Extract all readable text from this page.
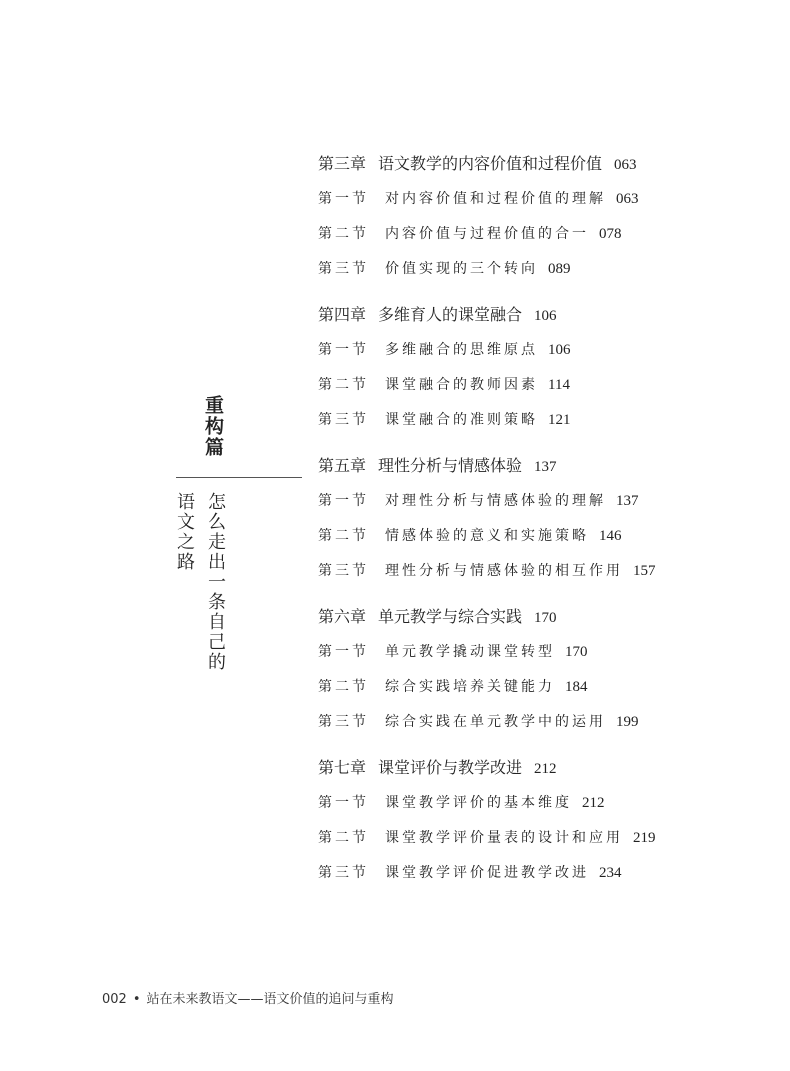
重构篇
怎么走出一条自己的
语文之路
第三章 语文教学的内容价值和过程价值 063
第一节 对内容价值和过程价值的理解 063
第二节 内容价值与过程价值的合一 078
第三节 价值实现的三个转向 089
第四章 多维育人的课堂融合 106
第一节 多维融合的思维原点 106
第二节 课堂融合的教师因素 114
第三节 课堂融合的准则策略 121
第五章 理性分析与情感体验 137
第一节 对理性分析与情感体验的理解 137
第二节 情感体验的意义和实施策略 146
第三节 理性分析与情感体验的相互作用 157
第六章 单元教学与综合实践 170
第一节 单元教学撬动课堂转型 170
第二节 综合实践培养关键能力 184
第三节 综合实践在单元教学中的运用 199
第七章 课堂评价与教学改进 212
第一节 课堂教学评价的基本维度 212
第二节 课堂教学评价量表的设计和应用 219
第三节 课堂教学评价促进教学改进 234
002 • 站在未来教语文——语文价值的追问与重构
